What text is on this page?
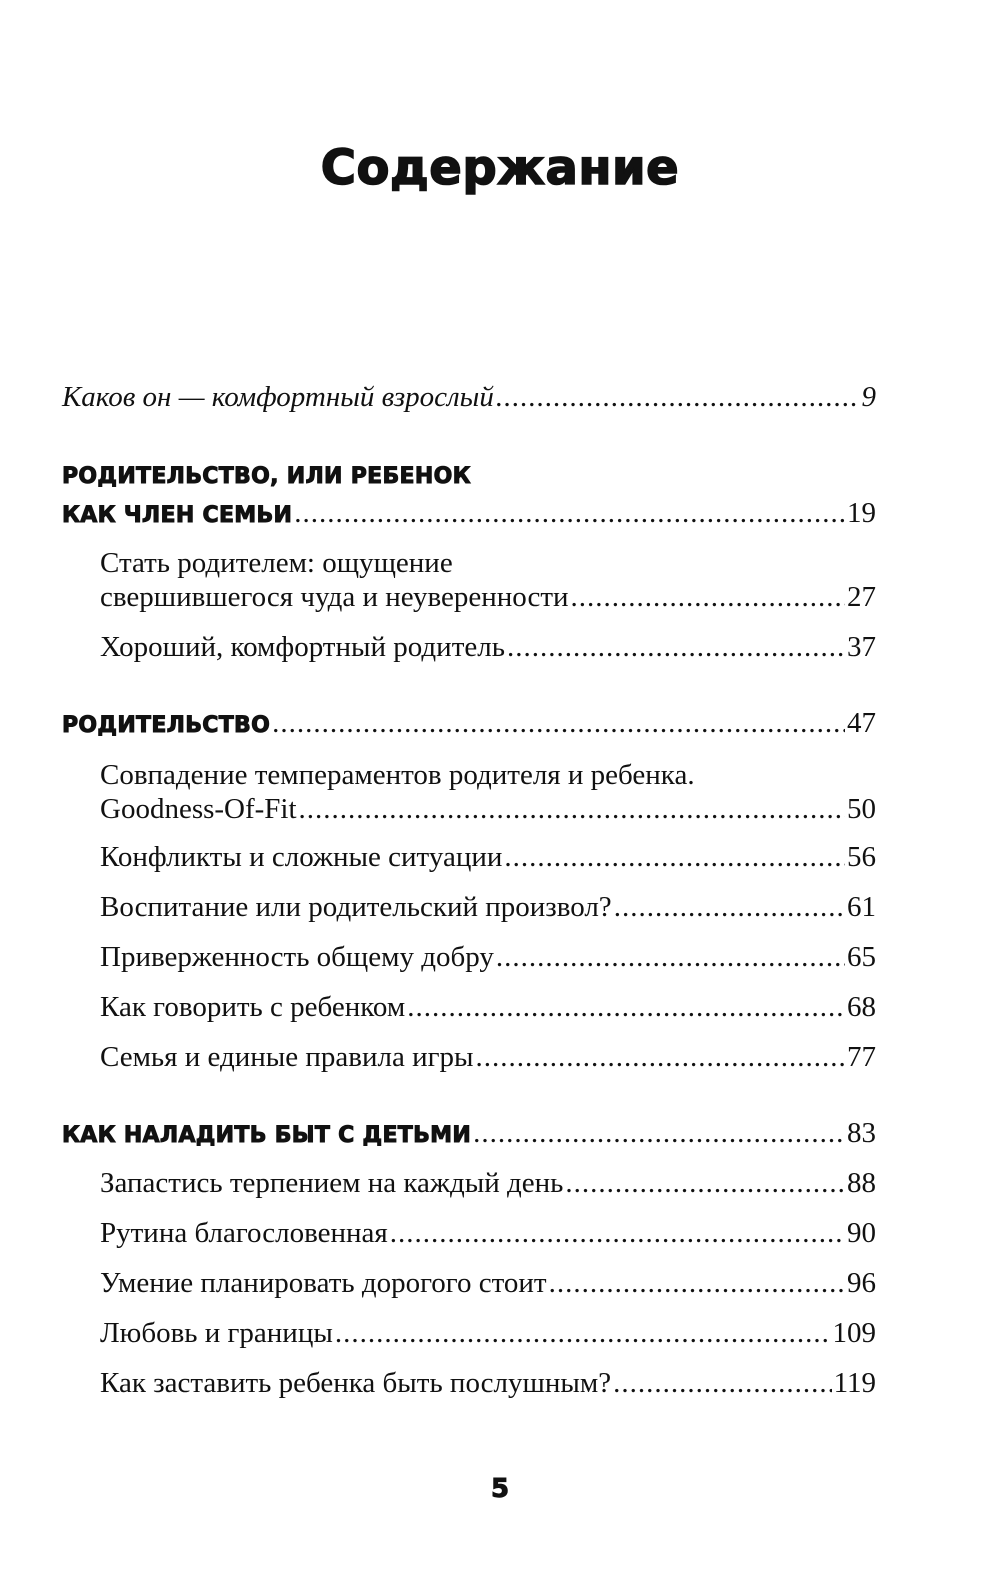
Содержание
Каков он — комфортный взрослый .....	9
РОДИТЕЛЬСТВО, ИЛИ РЕБЕНОК
КАК ЧЛЕН СЕМЬИ .....	19
Стать родителем: ощущение
свершившегося чуда и неуверенности .....	27
Хороший, комфортный родитель .....	37
РОДИТЕЛЬСТВО .....	47
Совпадение темпераментов родителя и ребенка.
Goodness-Of-Fit .....	50
Конфликты и сложные ситуации .....	56
Воспитание или родительский произвол? .....	61
Приверженность общему добру .....	65
Как говорить с ребенком .....	68
Семья и единые правила игры .....	77
КАК НАЛАДИТЬ БЫТ С ДЕТЬМИ .....	83
Запастись терпением на каждый день .....	88
Рутина благословенная .....	90
Умение планировать дорогого стоит .....	96
Любовь и границы .....	109
Как заставить ребенка быть послушным? .....	119
5
